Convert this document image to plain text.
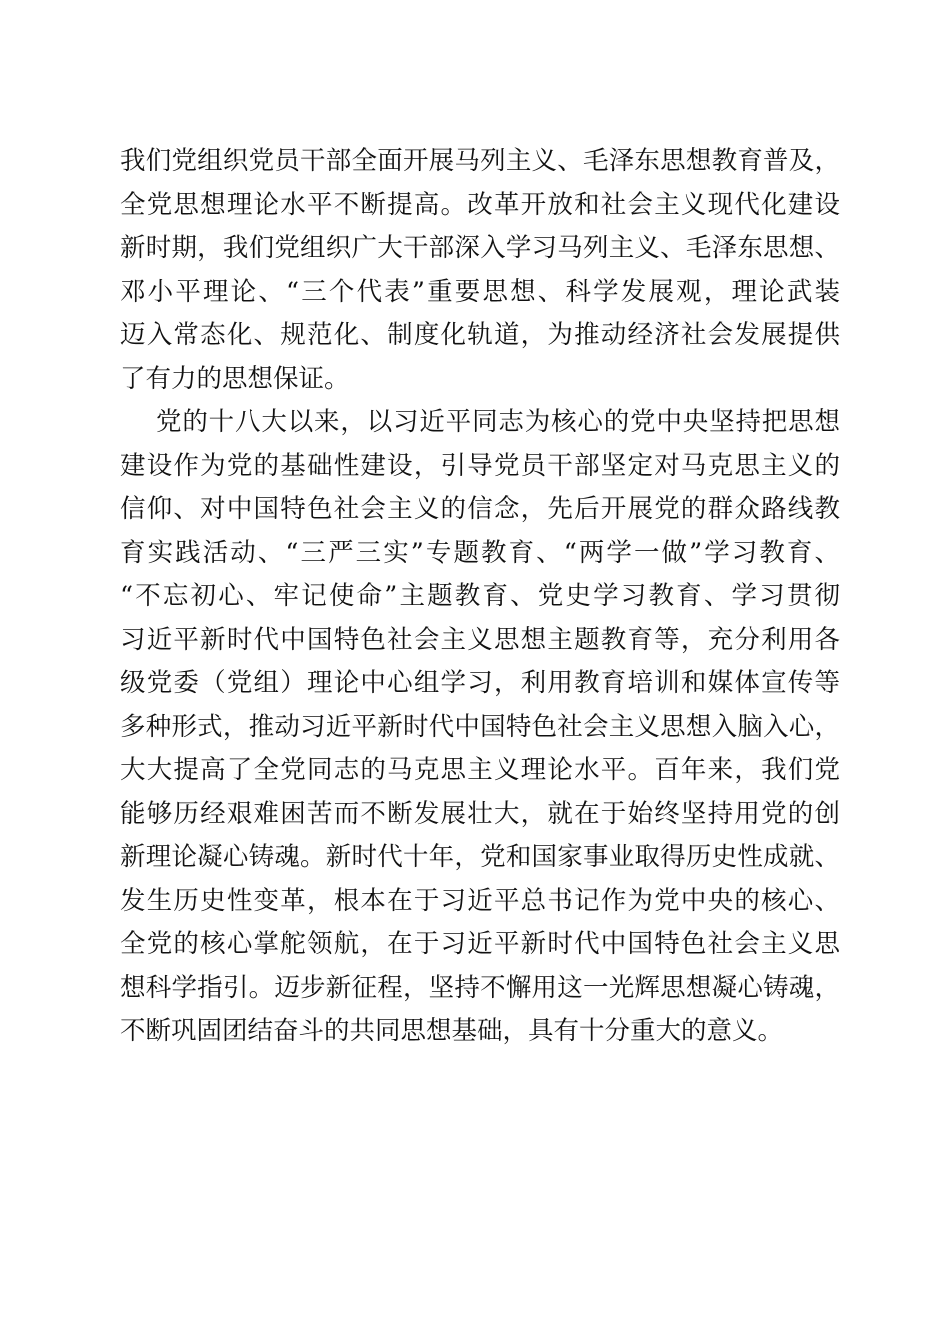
我们党组织党员干部全面开展马列主义、毛泽东思想教育普及，
全党思想理论水平不断提高。改革开放和社会主义现代化建设
新时期，我们党组织广大干部深入学习马列主义、毛泽东思想、
邓小平理论、“三个代表”重要思想、科学发展观，理论武装
迈入常态化、规范化、制度化轨道，为推动经济社会发展提供
了有力的思想保证。
党的十八大以来，以习近平同志为核心的党中央坚持把思想
建设作为党的基础性建设，引导党员干部坚定对马克思主义的
信仰、对中国特色社会主义的信念，先后开展党的群众路线教
育实践活动、“三严三实”专题教育、“两学一做”学习教育、
“不忘初心、牢记使命”主题教育、党史学习教育、学习贯彻
习近平新时代中国特色社会主义思想主题教育等，充分利用各
级党委（党组）理论中心组学习，利用教育培训和媒体宣传等
多种形式，推动习近平新时代中国特色社会主义思想入脑入心，
大大提高了全党同志的马克思主义理论水平。百年来，我们党
能够历经艰难困苦而不断发展壮大，就在于始终坚持用党的创
新理论凝心铸魂。新时代十年，党和国家事业取得历史性成就、
发生历史性变革，根本在于习近平总书记作为党中央的核心、
全党的核心掌舵领航，在于习近平新时代中国特色社会主义思
想科学指引。迈步新征程，坚持不懈用这一光辉思想凝心铸魂，
不断巩固团结奋斗的共同思想基础，具有十分重大的意义。
